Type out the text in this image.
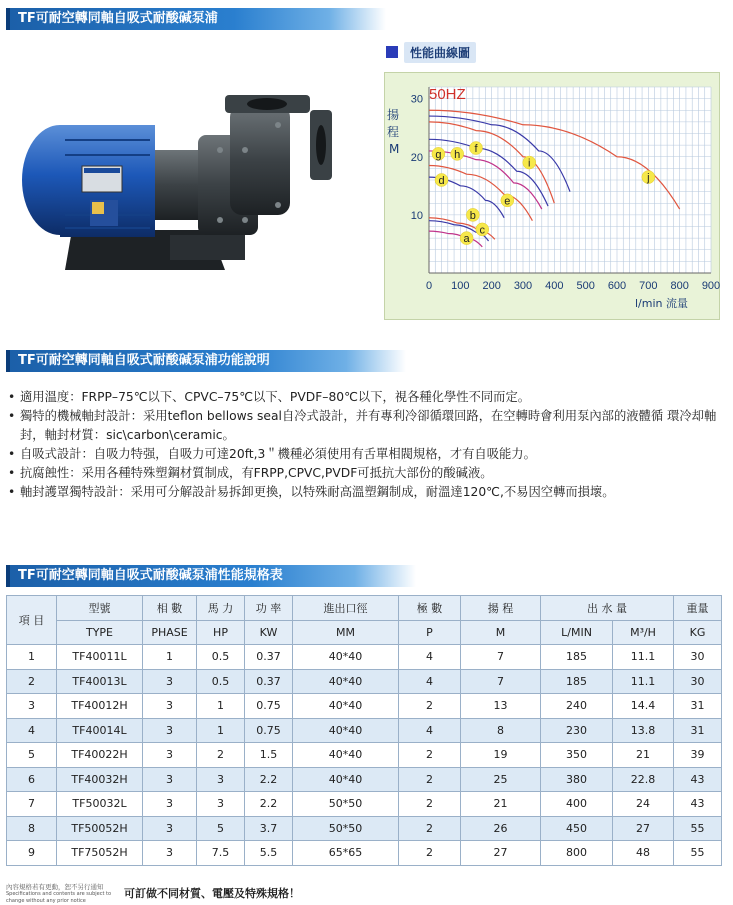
TF可耐空轉同軸自吸式耐酸碱泵浦
性能曲線圖
0 100 200 300 400 500 600 700 800 900
10
20
30
g h f
i
d	j
e
b
c
a
50HZ
揚
程
M
l/min 流量
TF可耐空轉同軸自吸式耐酸碱泵浦功能說明
• 適用溫度：FRPP–75℃以下、CPVC–75℃以下、PVDF–80℃以下，視各種化學性不同而定。
• 獨特的機械軸封設計：采用teflon bellows seal自冷式設計，并有專利冷卻循環回路，在空轉時會利用泵內部的液體循 環冷却軸封，軸封材質：sic\carbon\ceramic。
• 自吸式設計：自吸力特强，自吸力可達20ft,3＂機種必須使用有舌單相閥規格，才有自吸能力。
• 抗腐蝕性：采用各種特殊塑鋼材質制成，有FRPP,CPVC,PVDF可抵抗大部份的酸碱液。
• 軸封護罩獨特設計：采用可分解設計易拆卸更換，以特殊耐高溫塑鋼制成，耐溫達120℃,不易因空轉而損壞。
TF可耐空轉同軸自吸式耐酸碱泵浦性能規格表
項 目	型號	相 數	馬 力	功 率	進出口徑	極 數	揚 程	出 水 量		重量
	TYPE	PHASE	HP	KW	MM	P	M	L/MIN	M³/H	KG
1	TF40011L	1	0.5	0.37	40*40	4	7	185	11.1	30
2	TF40013L	3	0.5	0.37	40*40	4	7	185	11.1	30
3	TF40012H	3	1	0.75	40*40	2	13	240	14.4	31
4	TF40014L	3	1	0.75	40*40	4	8	230	13.8	31
5	TF40022H	3	2	1.5	40*40	2	19	350	21	39
6	TF40032H	3	3	2.2	40*40	2	25	380	22.8	43
7	TF50032L	3	3	2.2	50*50	2	21	400	24	43
8	TF50052H	3	5	3.7	50*50	2	26	450	27	55
9	TF75052H	3	7.5	5.5	65*65	2	27	800	48	55
內容規格若有更動，恕不另行通知
Specifications and contents are subject to change without any prior notice
可訂做不同材質、電壓及特殊規格！
